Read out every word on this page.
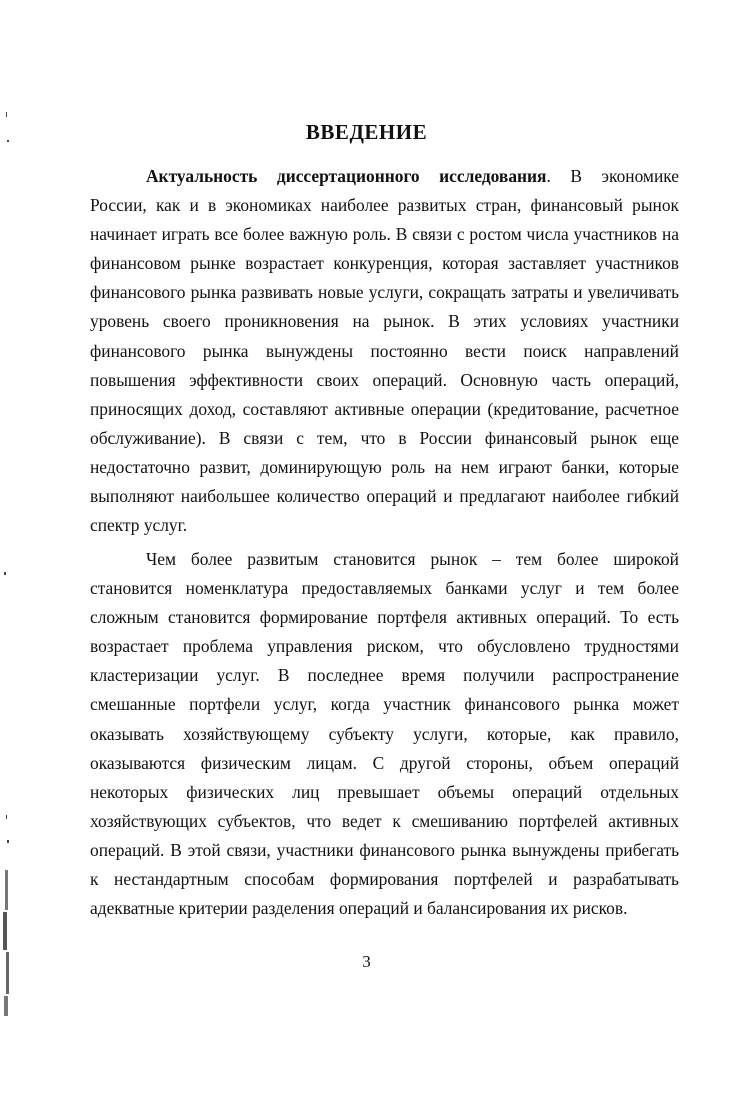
ВВЕДЕНИЕ

Актуальность диссертационного исследования. В экономике России, как и в экономиках наиболее развитых стран, финансовый рынок начинает играть все более важную роль. В связи с ростом числа участников на финансовом рынке возрастает конкуренция, которая заставляет участников финансового рынка развивать новые услуги, сокращать затраты и увеличивать уровень своего проникновения на рынок. В этих условиях участники финансового рынка вынуждены постоянно вести поиск направлений повышения эффективности своих операций. Основную часть операций, приносящих доход, составляют активные операции (кредитование, расчетное обслуживание). В связи с тем, что в России финансовый рынок еще недостаточно развит, доминирующую роль на нем играют банки, которые выполняют наибольшее количество операций и предлагают наиболее гибкий спектр услуг.

Чем более развитым становится рынок – тем более широкой становится номенклатура предоставляемых банками услуг и тем более сложным становится формирование портфеля активных операций. То есть возрастает проблема управления риском, что обусловлено трудностями кластеризации услуг. В последнее время получили распространение смешанные портфели услуг, когда участник финансового рынка может оказывать хозяйствующему субъекту услуги, которые, как правило, оказываются физическим лицам. С другой стороны, объем операций некоторых физических лиц превышает объемы операций отдельных хозяйствующих субъектов, что ведет к смешиванию портфелей активных операций. В этой связи, участники финансового рынка вынуждены прибегать к нестандартным способам формирования портфелей и разрабатывать адекватные критерии разделения операций и балансирования их рисков.

3
